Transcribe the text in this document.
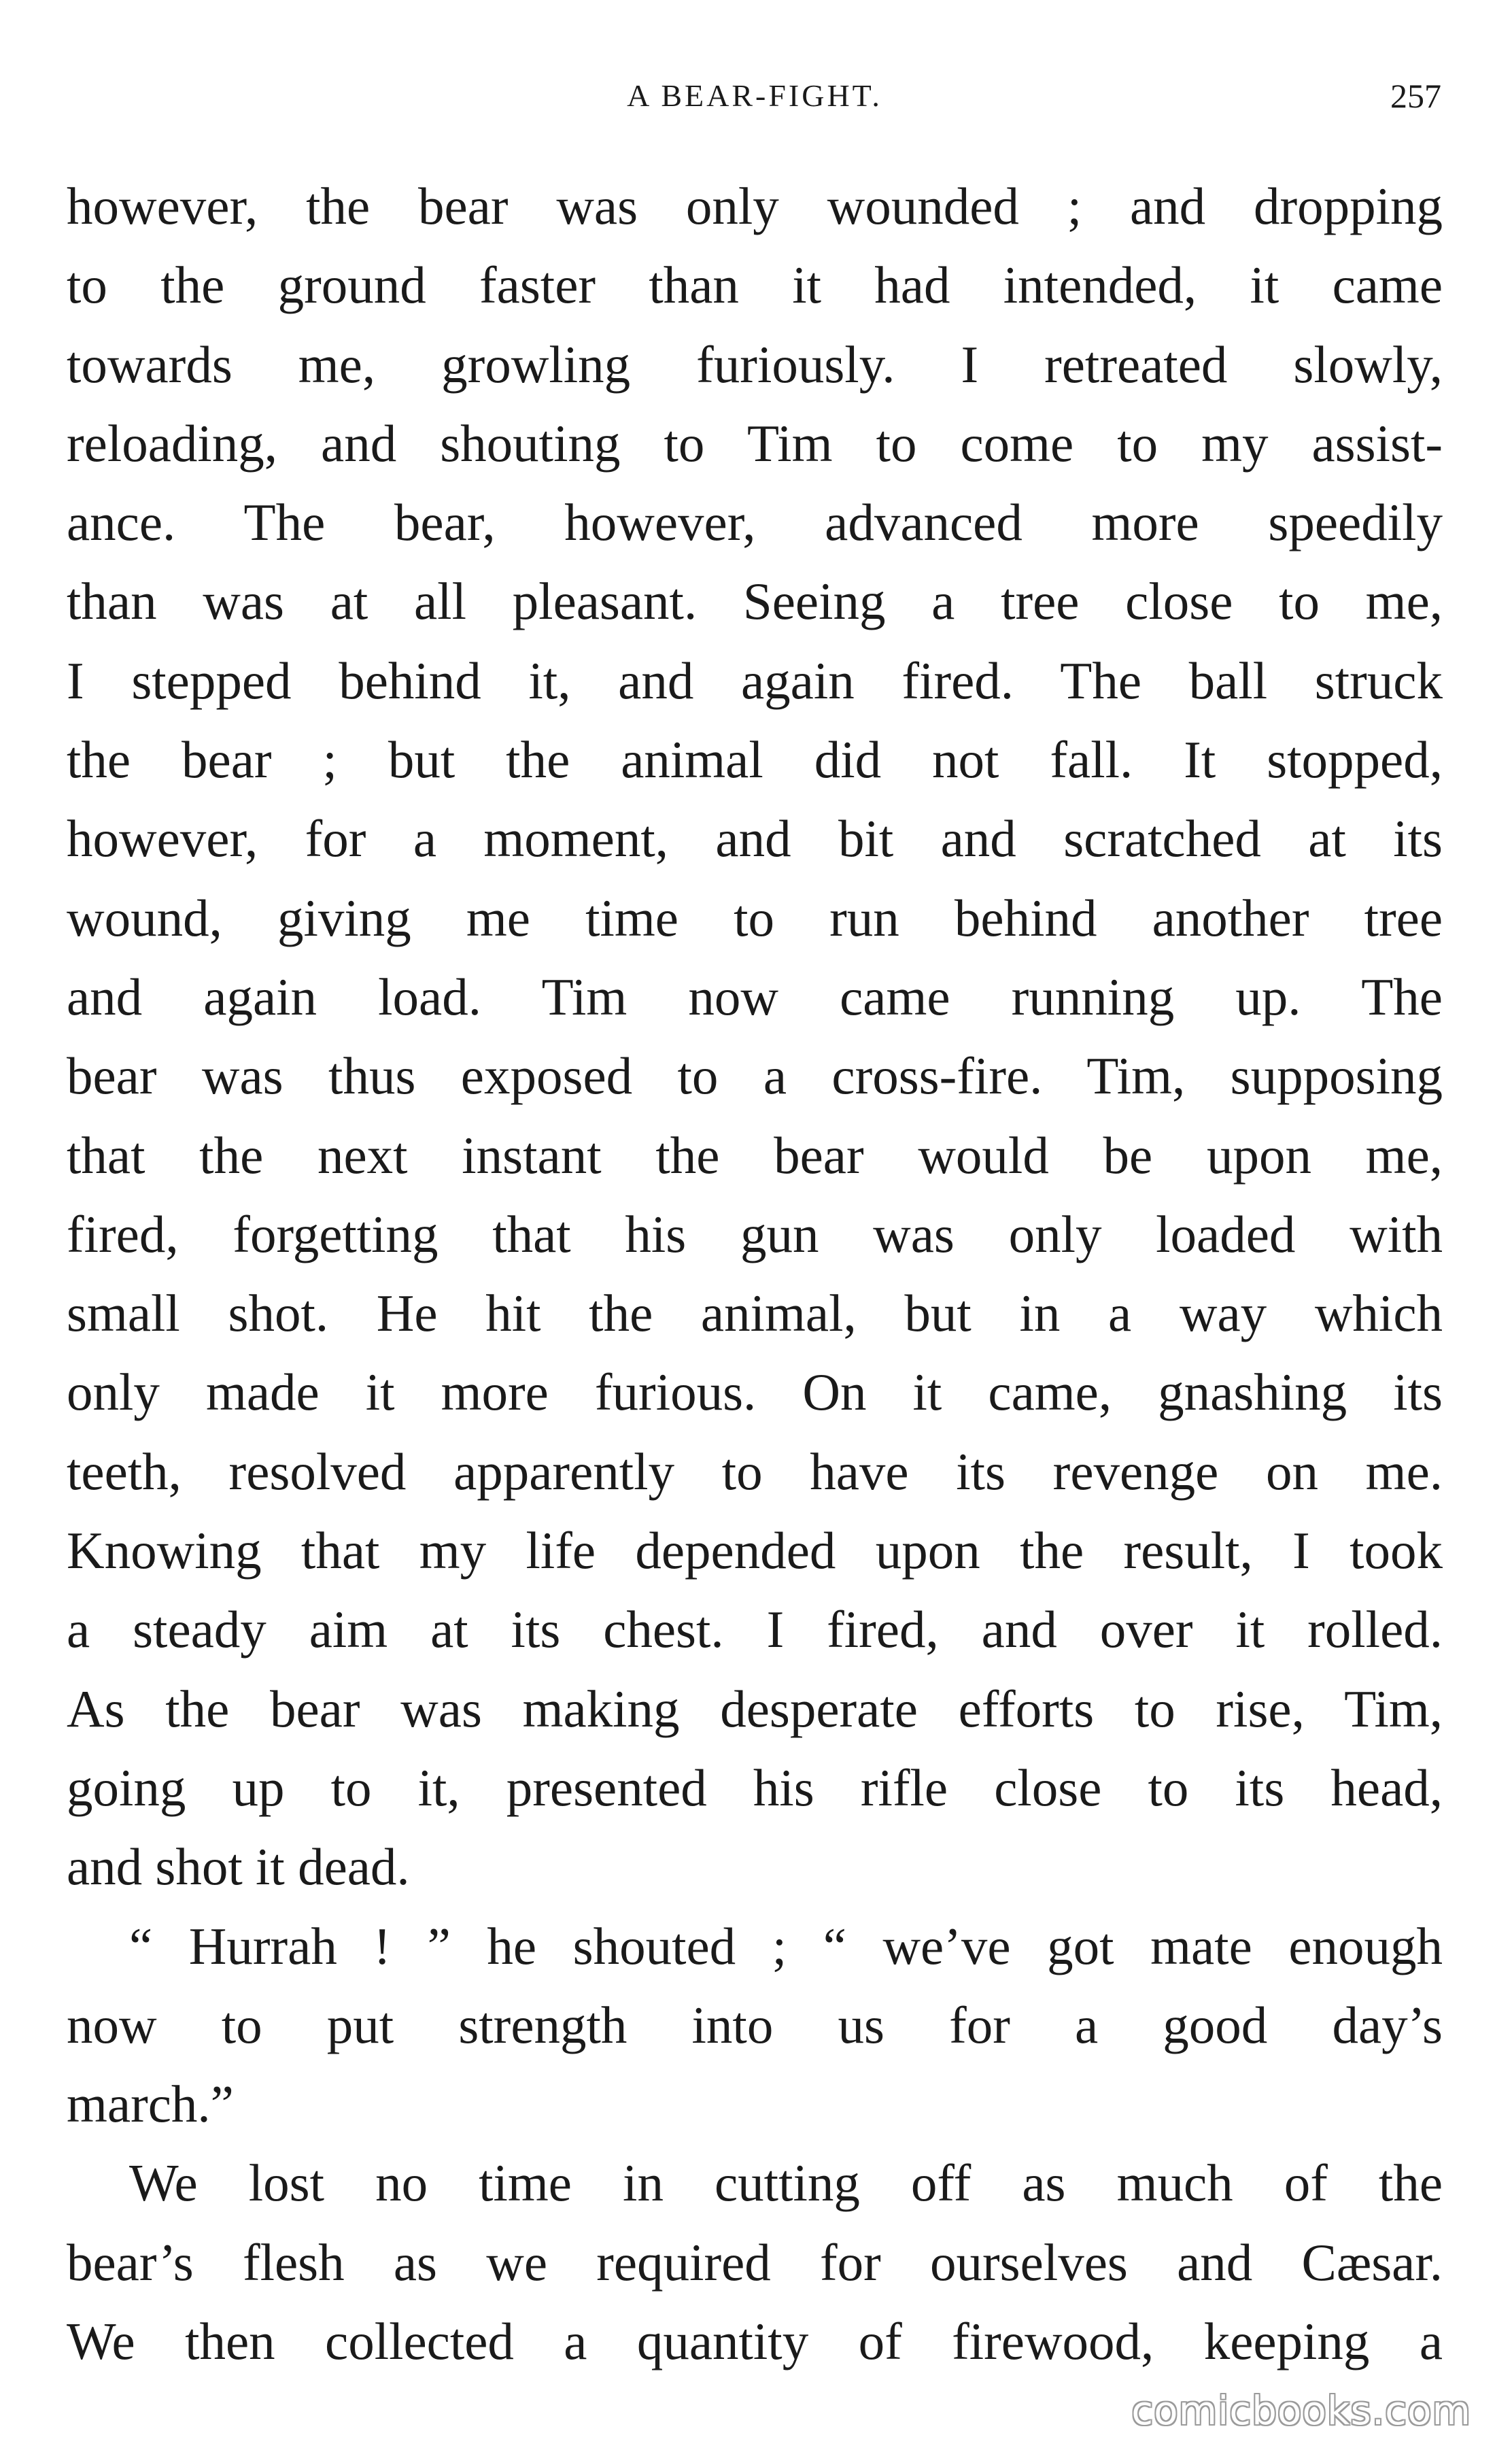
A BEAR-FIGHT.	257
however, the bear was only wounded ; and dropping
to the ground faster than it had intended, it came
towards me, growling furiously. I retreated slowly,
reloading, and shouting to Tim to come to my assist-
ance. The bear, however, advanced more speedily
than was at all pleasant. Seeing a tree close to me,
I stepped behind it, and again fired. The ball struck
the bear ; but the animal did not fall. It stopped,
however, for a moment, and bit and scratched at its
wound, giving me time to run behind another tree
and again load. Tim now came running up. The
bear was thus exposed to a cross-fire. Tim, supposing
that the next instant the bear would be upon me,
fired, forgetting that his gun was only loaded with
small shot. He hit the animal, but in a way which
only made it more furious. On it came, gnashing its
teeth, resolved apparently to have its revenge on me.
Knowing that my life depended upon the result, I took
a steady aim at its chest. I fired, and over it rolled.
As the bear was making desperate efforts to rise, Tim,
going up to it, presented his rifle close to its head,
and shot it dead.
“ Hurrah ! ” he shouted ; “ we’ve got mate enough
now to put strength into us for a good day’s
march.”
We lost no time in cutting off as much of the
bear’s flesh as we required for ourselves and Cæsar.
We then collected a quantity of firewood, keeping a
comicbooks.com
